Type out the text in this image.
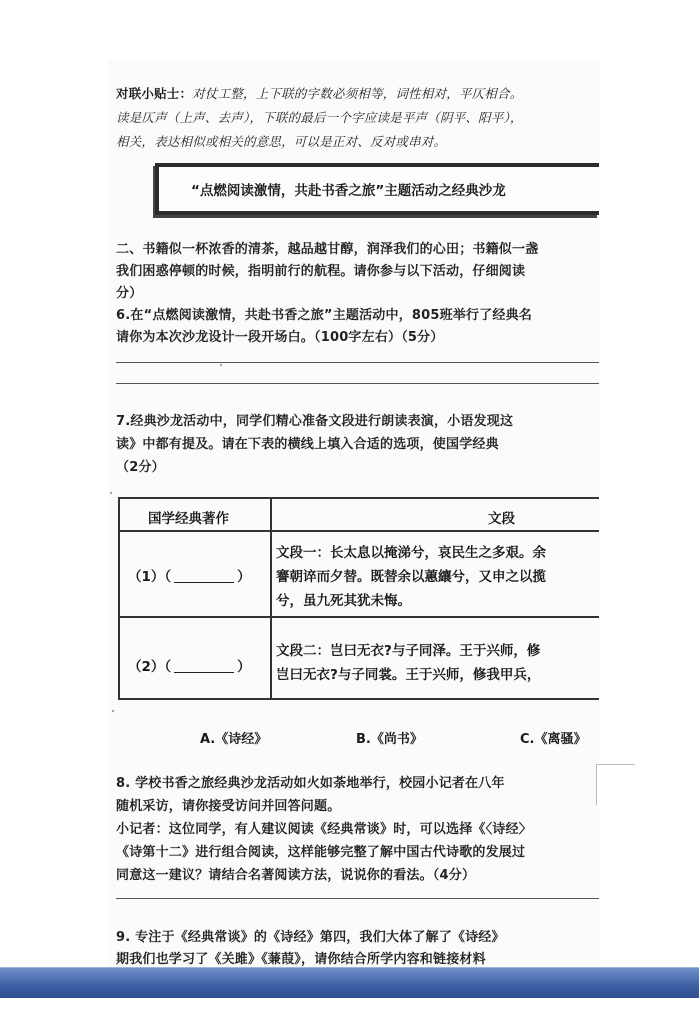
对联小贴士：对仗工整，上下联的字数必须相等，词性相对，平仄相合。
读是仄声（上声、去声），下联的最后一个字应读是平声（阴平、阳平），
相关，表达相似或相关的意思，可以是正对、反对或串对。
“点燃阅读激情，共赴书香之旅”主题活动之经典沙龙
二、书籍似一杯浓香的清茶，越品越甘醇，润泽我们的心田；书籍似一盏
我们困惑停顿的时候，指明前行的航程。请你参与以下活动，仔细阅读
分）
6.在“点燃阅读激情，共赴书香之旅”主题活动中，805班举行了经典名
请你为本次沙龙设计一段开场白。（100字左右）（5分）
7.经典沙龙活动中，同学们精心准备文段进行朗读表演，小语发现这
读》中都有提及。请在下表的横线上填入合适的选项，使国学经典
（2分）
国学经典著作	文段
（1）（	）
文段一：长太息以掩涕兮，哀民生之多艰。余
謇朝谇而夕替。既替余以蕙纕兮，又申之以揽
兮，虽九死其犹未悔。
（2）（	）
文段二：岂曰无衣?与子同泽。王于兴师，修
岂曰无衣?与子同裳。王于兴师，修我甲兵，
A.《诗经》	B.《尚书》	C.《离骚》
8. 学校书香之旅经典沙龙活动如火如荼地举行，校园小记者在八年
随机采访，请你接受访问并回答问题。
小记者：这位同学，有人建议阅读《经典常谈》时，可以选择《〈诗经〉
《诗第十二》进行组合阅读，这样能够完整了解中国古代诗歌的发展过
同意这一建议？请结合名著阅读方法，说说你的看法。（4分）
9. 专注于《经典常谈》的《诗经》第四，我们大体了解了《诗经》
期我们也学习了《关雎》《蒹葭》，请你结合所学内容和链接材料
